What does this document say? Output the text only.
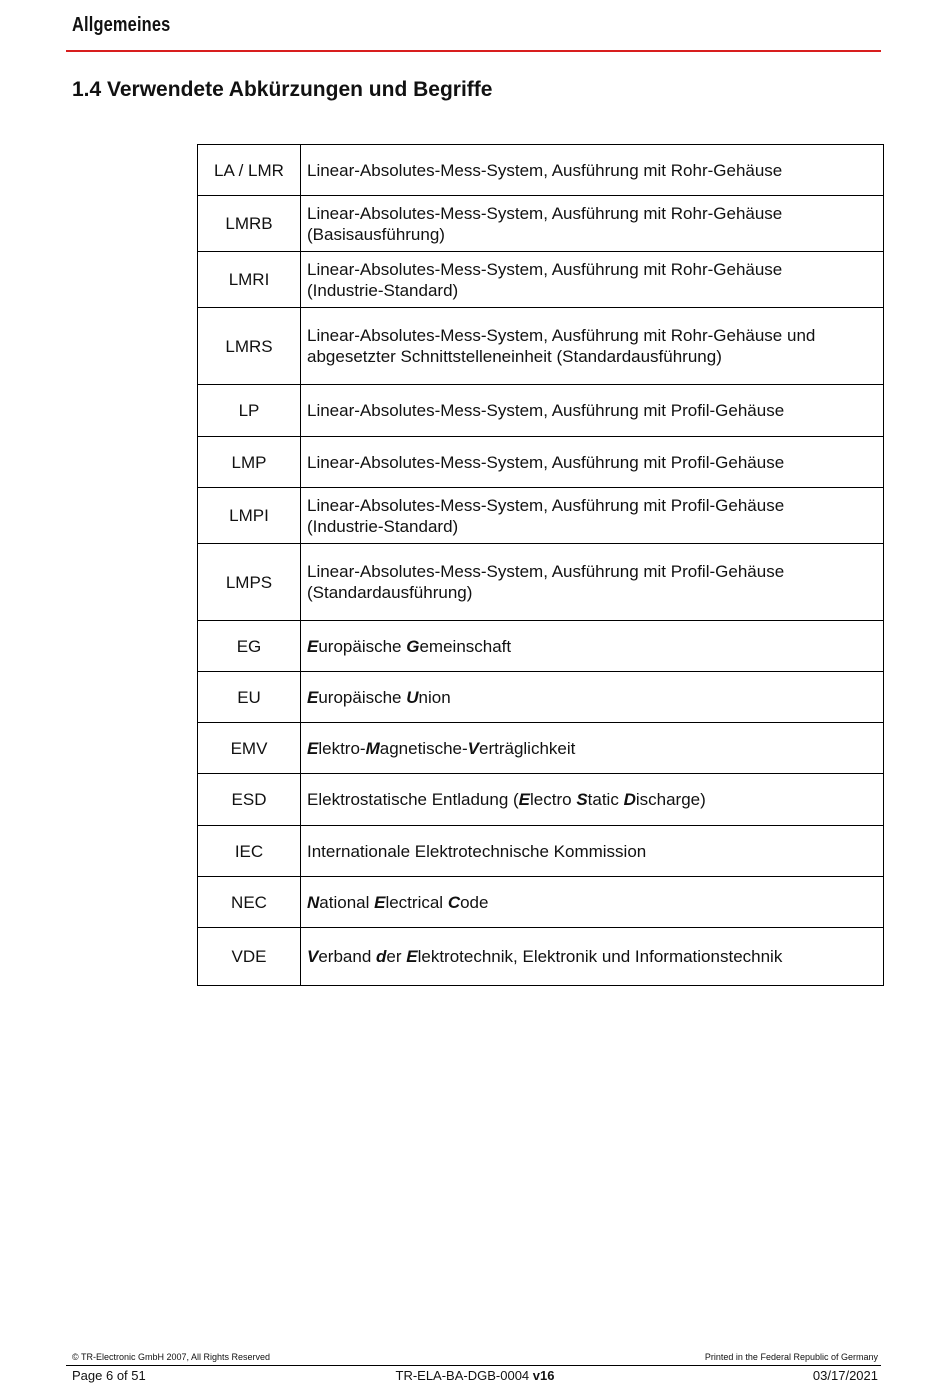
Allgemeines
1.4 Verwendete Abkürzungen und Begriffe
LA / LMR	Linear-Absolutes-Mess-System, Ausführung mit Rohr-Gehäuse
LMRB	Linear-Absolutes-Mess-System, Ausführung mit Rohr-Gehäuse
(Basisausführung)
LMRI	Linear-Absolutes-Mess-System, Ausführung mit Rohr-Gehäuse
(Industrie-Standard)
LMRS	Linear-Absolutes-Mess-System, Ausführung mit Rohr-Gehäuse und
abgesetzter Schnittstelleneinheit (Standardausführung)
LP	Linear-Absolutes-Mess-System, Ausführung mit Profil-Gehäuse
LMP	Linear-Absolutes-Mess-System, Ausführung mit Profil-Gehäuse
LMPI	Linear-Absolutes-Mess-System, Ausführung mit Profil-Gehäuse
(Industrie-Standard)
LMPS	Linear-Absolutes-Mess-System, Ausführung mit Profil-Gehäuse
(Standardausführung)
EG	Europäische Gemeinschaft
EU	Europäische Union
EMV	Elektro-Magnetische-Verträglichkeit
ESD	Elektrostatische Entladung (Electro Static Discharge)
IEC	Internationale Elektrotechnische Kommission
NEC	National Electrical Code
VDE	Verband der Elektrotechnik, Elektronik und Informationstechnik
© TR-Electronic GmbH 2007, All Rights Reserved	Printed in the Federal Republic of Germany
Page 6 of 51	TR-ELA-BA-DGB-0004 v16	03/17/2021
